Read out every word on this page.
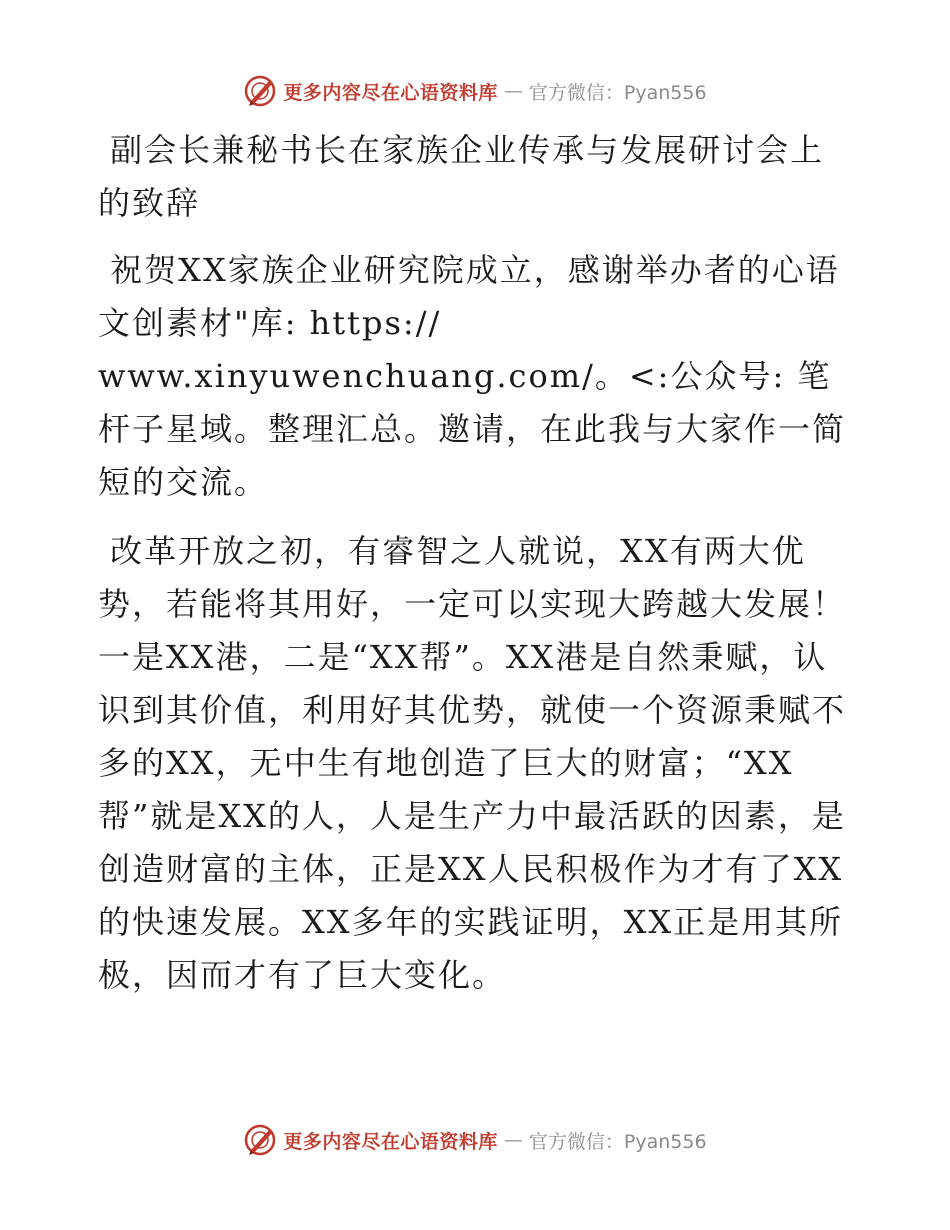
更多内容尽在心语资料库 — 官方微信：Pyan556

副会长兼秘书长在家族企业传承与发展研讨会上的致辞

祝贺XX家族企业研究院成立，感谢举办者的心语文创素材"库: https://
www.xinyuwenchuang.com/。<:公众号: 笔杆子星域。整理汇总。邀请，在此我与大家作一简短的交流。

改革开放之初，有睿智之人就说，XX有两大优
势，若能将其用好，一定可以实现大跨越大发展！一是XX港，二是“XX帮”。XX港是自然秉赋，认识到其价值，利用好其优势，就使一个资源秉赋不多的XX，无中生有地创造了巨大的财富；“XX
帮”就是XX的人，人是生产力中最活跃的因素，是创造财富的主体，正是XX人民积极作为才有了XX的快速发展。XX多年的实践证明，XX正是用其所极，因而才有了巨大变化。

更多内容尽在心语资料库 — 官方微信：Pyan556
